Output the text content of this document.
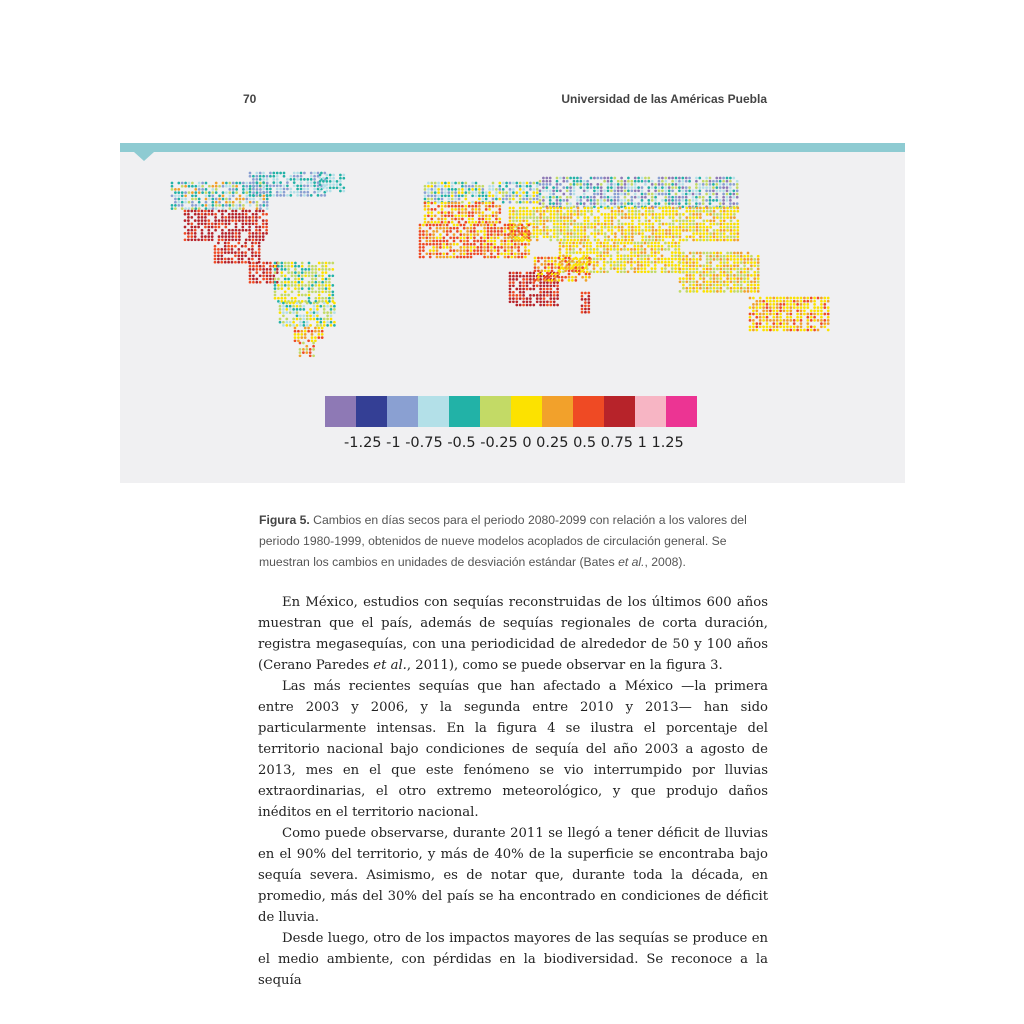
70	Universidad de las Américas Puebla
-1.25 -1 -0.75 -0.5 -0.25 0 0.25 0.5 0.75 1 1.25
Figura 5. Cambios en días secos para el periodo 2080-2099 con relación a los valores del periodo 1980-1999, obtenidos de nueve modelos acoplados de circulación general. Se muestran los cambios en unidades de desviación estándar (Bates et al., 2008).

En México, estudios con sequías reconstruidas de los últimos 600 años muestran que el país, además de sequías regionales de corta duración, registra megasequías, con una periodicidad de alrededor de 50 y 100 años (Cerano Paredes et al., 2011), como se puede observar en la figura 3.

Las más recientes sequías que han afectado a México —la primera entre 2003 y 2006, y la segunda entre 2010 y 2013— han sido particularmente intensas. En la figura 4 se ilustra el porcentaje del territorio nacional bajo condiciones de sequía del año 2003 a agosto de 2013, mes en el que este fenómeno se vio interrumpido por lluvias extraordinarias, el otro extremo meteorológico, y que produjo daños inéditos en el territorio nacional.

Como puede observarse, durante 2011 se llegó a tener déficit de lluvias en el 90% del territorio, y más de 40% de la superficie se encontraba bajo sequía severa. Asimismo, es de notar que, durante toda la década, en promedio, más del 30% del país se ha encontrado en condiciones de déficit de lluvia.

Desde luego, otro de los impactos mayores de las sequías se produce en el medio ambiente, con pérdidas en la biodiversidad. Se reconoce a la sequía
